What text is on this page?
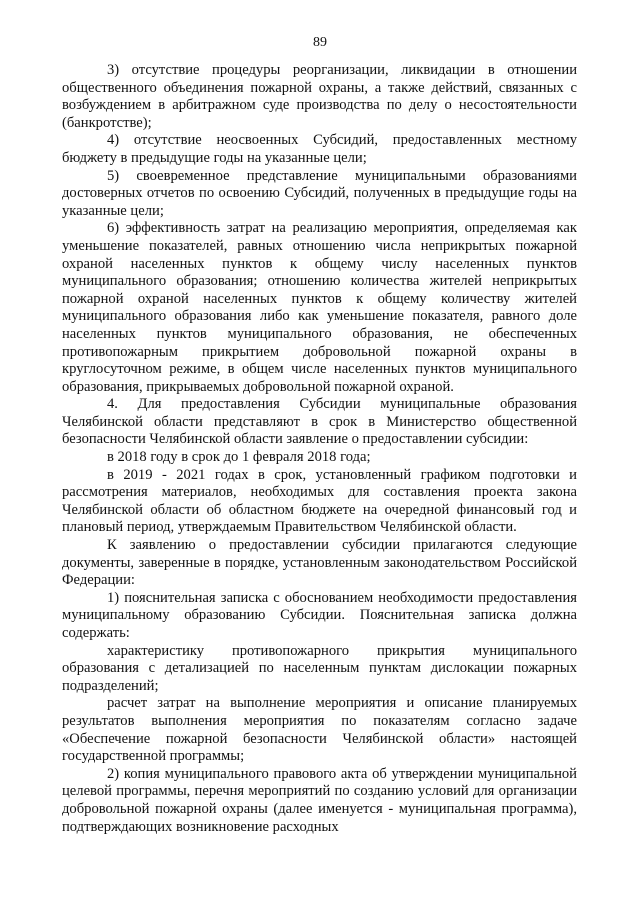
89

3) отсутствие процедуры реорганизации, ликвидации в отношении общественного объединения пожарной охраны, а также действий, связанных с возбуждением в арбитражном суде производства по делу о несостоятельности (банкротстве);

4) отсутствие неосвоенных Субсидий, предоставленных местному бюджету в предыдущие годы на указанные цели;

5) своевременное представление муниципальными образованиями достоверных отчетов по освоению Субсидий, полученных в предыдущие годы на указанные цели;

6) эффективность затрат на реализацию мероприятия, определяемая как уменьшение показателей, равных отношению числа неприкрытых пожарной охраной населенных пунктов к общему числу населенных пунктов муниципального образования; отношению количества жителей неприкрытых пожарной охраной населенных пунктов к общему количеству жителей муниципального образования либо как уменьшение показателя, равного доле населенных пунктов муниципального образования, не обеспеченных противопожарным прикрытием добровольной пожарной охраны в круглосуточном режиме, в общем числе населенных пунктов муниципального образования, прикрываемых добровольной пожарной охраной.

4. Для предоставления Субсидии муниципальные образования Челябинской области представляют в срок в Министерство общественной безопасности Челябинской области заявление о предоставлении субсидии:

в 2018 году в срок до 1 февраля 2018 года;

в 2019 - 2021 годах в срок, установленный графиком подготовки и рассмотрения материалов, необходимых для составления проекта закона Челябинской области об областном бюджете на очередной финансовый год и плановый период, утверждаемым Правительством Челябинской области.

К заявлению о предоставлении субсидии прилагаются следующие документы, заверенные в порядке, установленным законодательством Российской Федерации:

1) пояснительная записка с обоснованием необходимости предоставления муниципальному образованию Субсидии. Пояснительная записка должна содержать:

характеристику противопожарного прикрытия муниципального образования с детализацией по населенным пунктам дислокации пожарных подразделений;

расчет затрат на выполнение мероприятия и описание планируемых результатов выполнения мероприятия по показателям согласно задаче «Обеспечение пожарной безопасности Челябинской области» настоящей государственной программы;

2) копия муниципального правового акта об утверждении муниципальной целевой программы, перечня мероприятий по созданию условий для организации добровольной пожарной охраны (далее именуется - муниципальная программа), подтверждающих возникновение расходных
